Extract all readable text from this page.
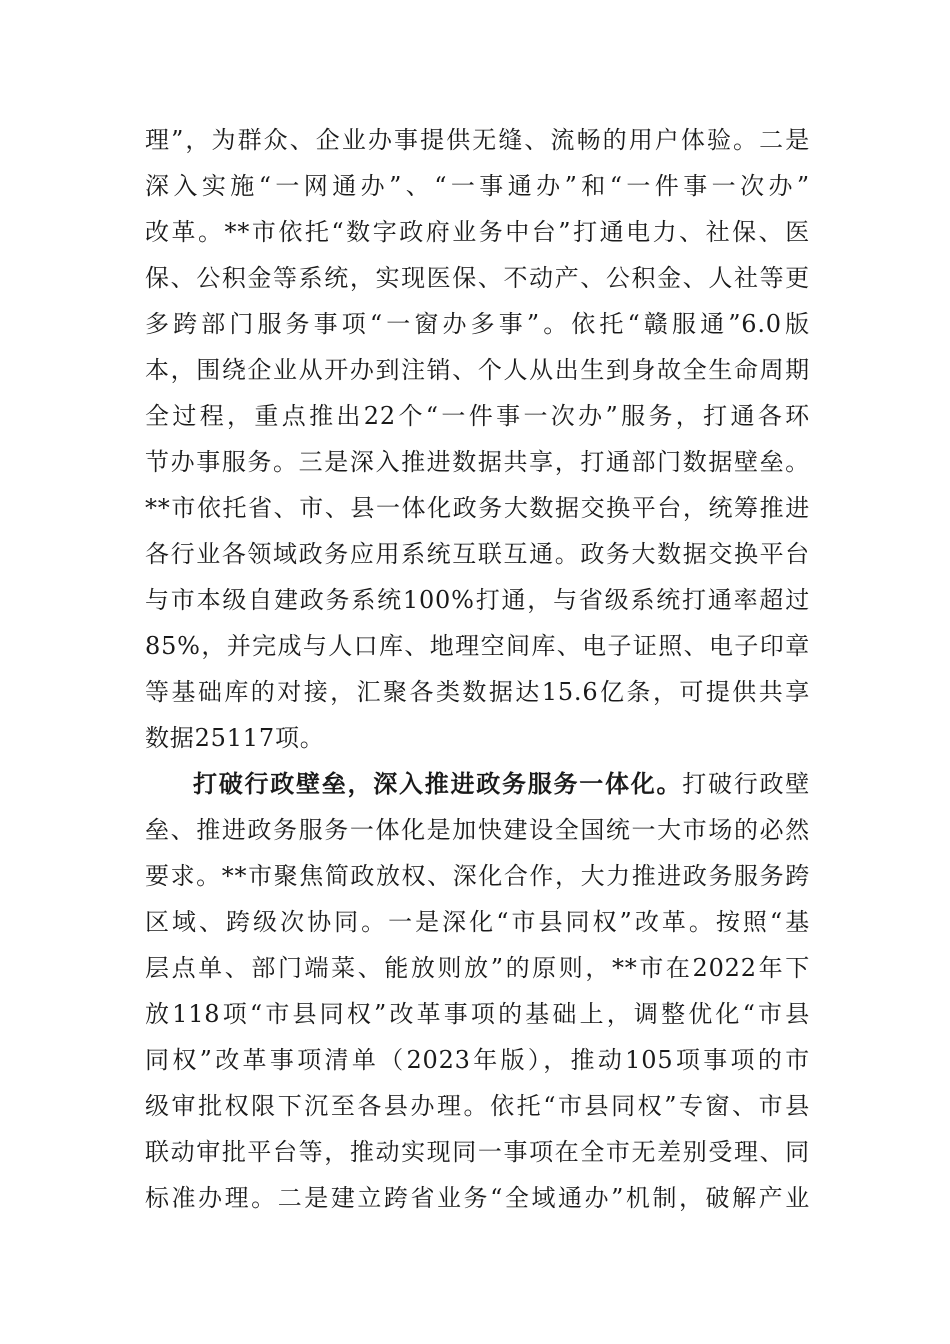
理”，为群众、企业办事提供无缝、流畅的用户体验。二是
深入实施“一网通办”、“一事通办”和“一件事一次办”
改革。**市依托“数字政府业务中台”打通电力、社保、医
保、公积金等系统，实现医保、不动产、公积金、人社等更
多跨部门服务事项“一窗办多事”。依托“赣服通”6.0版
本，围绕企业从开办到注销、个人从出生到身故全生命周期
全过程，重点推出22个“一件事一次办”服务，打通各环
节办事服务。三是深入推进数据共享，打通部门数据壁垒。
**市依托省、市、县一体化政务大数据交换平台，统筹推进
各行业各领域政务应用系统互联互通。政务大数据交换平台
与市本级自建政务系统100%打通，与省级系统打通率超过
85%，并完成与人口库、地理空间库、电子证照、电子印章
等基础库的对接，汇聚各类数据达15.6亿条，可提供共享
数据25117项。
打破行政壁垒，深入推进政务服务一体化。打破行政壁
垒、推进政务服务一体化是加快建设全国统一大市场的必然
要求。**市聚焦简政放权、深化合作，大力推进政务服务跨
区域、跨级次协同。一是深化“市县同权”改革。按照“基
层点单、部门端菜、能放则放”的原则，**市在2022年下
放118项“市县同权”改革事项的基础上，调整优化“市县
同权”改革事项清单（2023年版），推动105项事项的市
级审批权限下沉至各县办理。依托“市县同权”专窗、市县
联动审批平台等，推动实现同一事项在全市无差别受理、同
标准办理。二是建立跨省业务“全域通办”机制，破解产业
